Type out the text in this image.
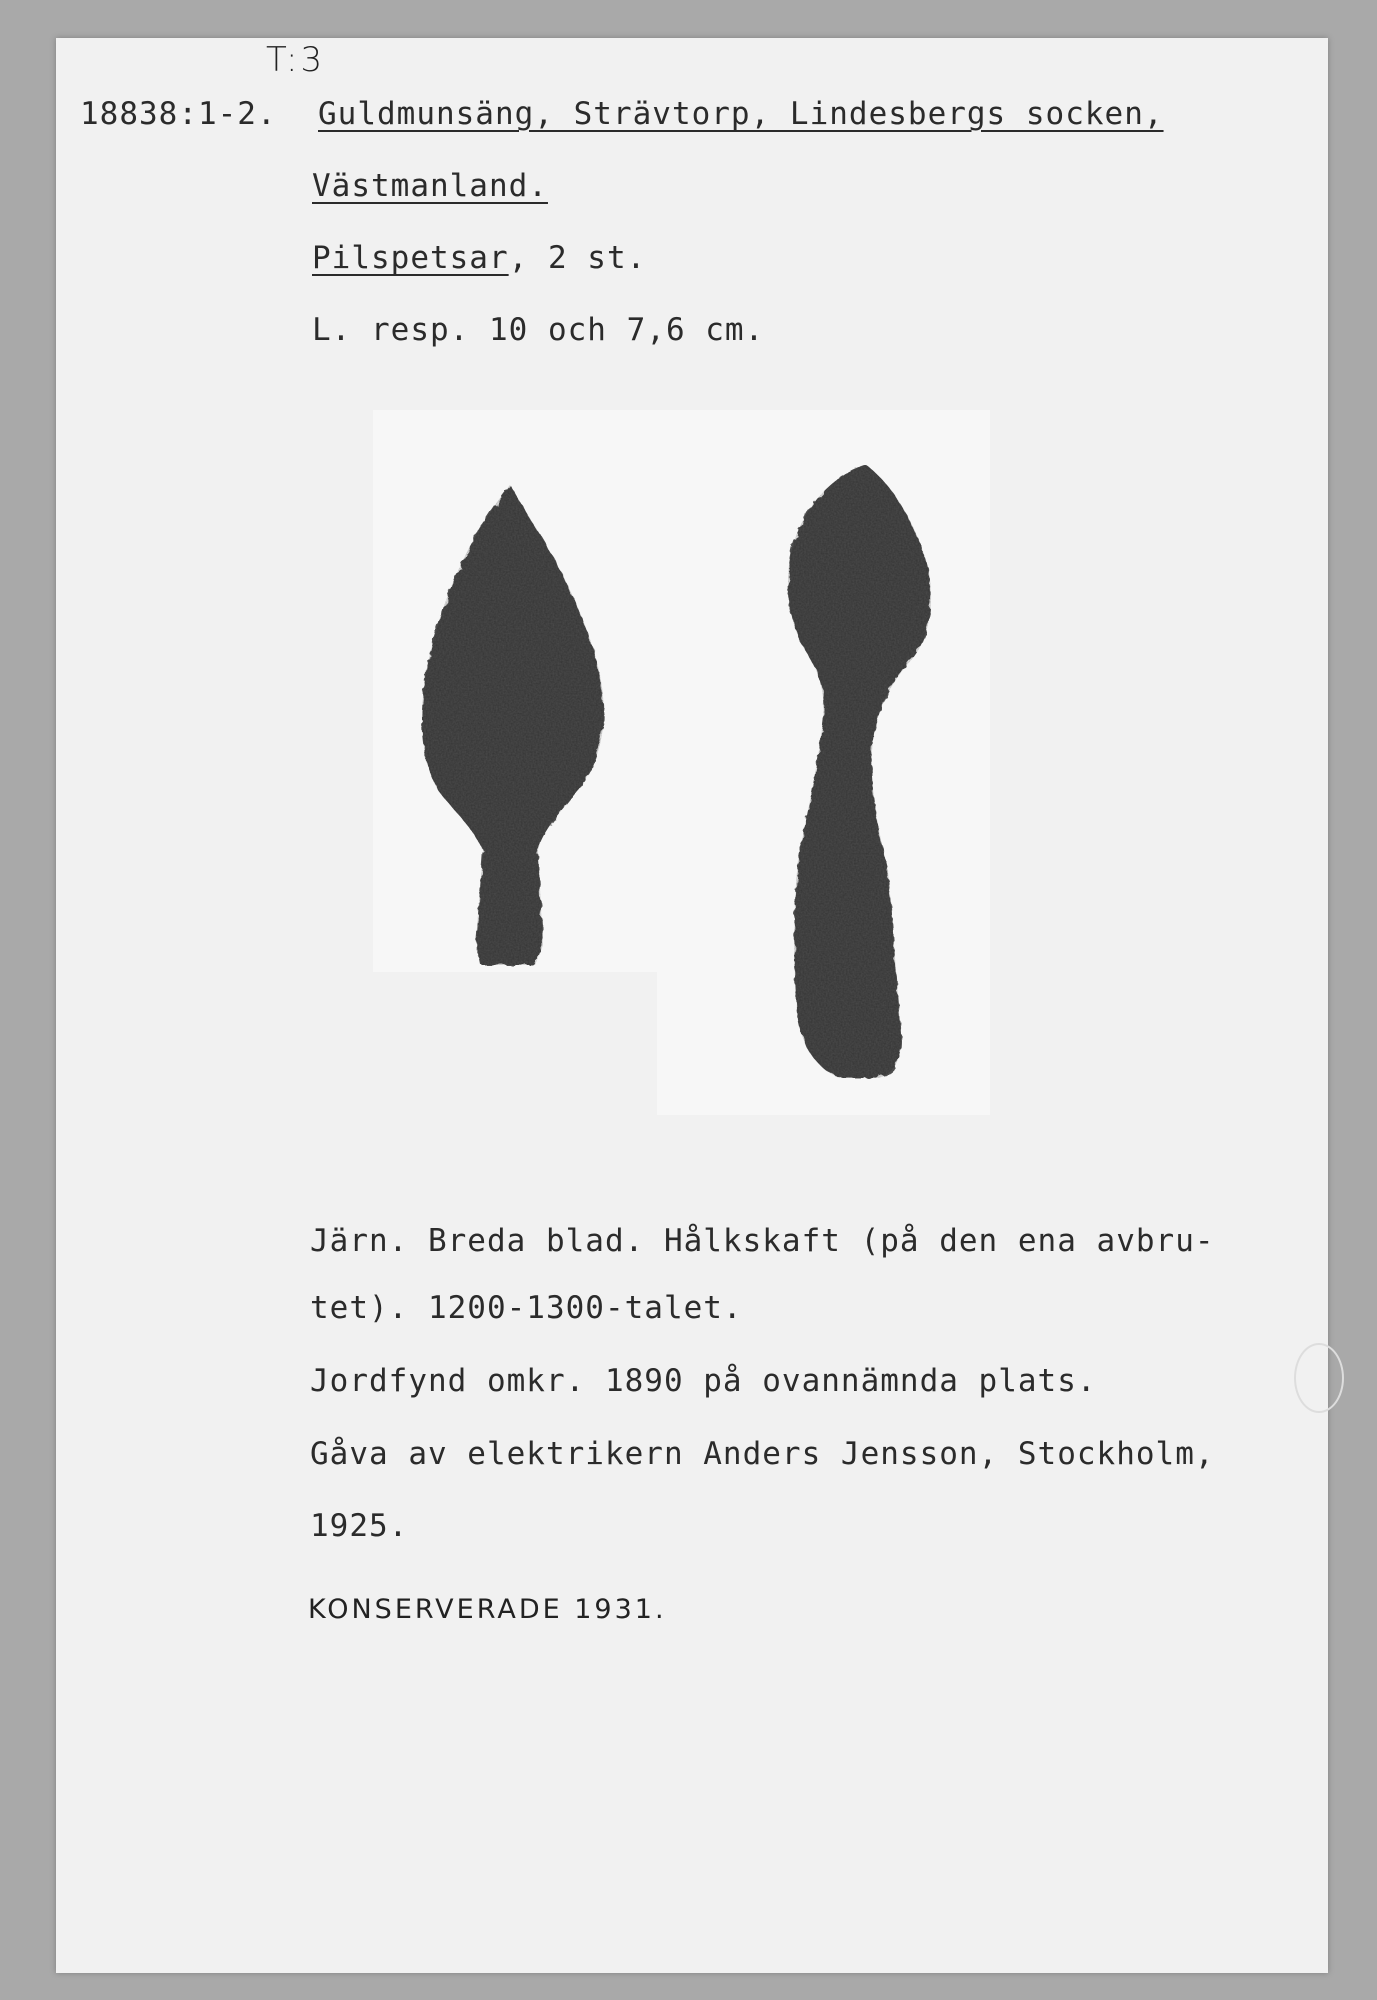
T:3
18838:1-2. Guldmunsäng, Strävtorp, Lindesbergs socken,
Västmanland.
Pilspetsar, 2 st.
L. resp. 10 och 7,6 cm.
Järn. Breda blad. Hålkskaft (på den ena avbru-
tet). 1200-1300-talet.
Jordfynd omkr. 1890 på ovannämnda plats.
Gåva av elektrikern Anders Jensson, Stockholm,
1925.
KONSERVERADE 1931.
